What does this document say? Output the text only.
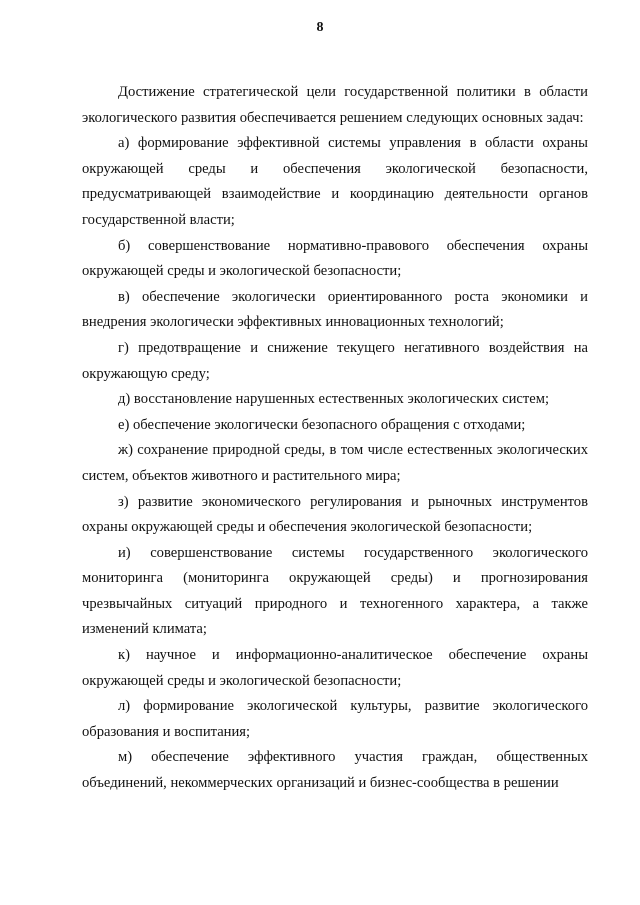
8

Достижение стратегической цели государственной политики в области экологического развития обеспечивается решением следующих основных задач:

а) формирование эффективной системы управления в области охраны окружающей среды и обеспечения экологической безопасности, предусматривающей взаимодействие и координацию деятельности органов государственной власти;

б) совершенствование нормативно-правового обеспечения охраны окружающей среды и экологической безопасности;

в) обеспечение экологически ориентированного роста экономики и внедрения экологически эффективных инновационных технологий;

г) предотвращение и снижение текущего негативного воздействия на окружающую среду;

д) восстановление нарушенных естественных экологических систем;

е) обеспечение экологически безопасного обращения с отходами;

ж) сохранение природной среды, в том числе естественных экологических систем, объектов животного и растительного мира;

з) развитие экономического регулирования и рыночных инструментов охраны окружающей среды и обеспечения экологической безопасности;

и) совершенствование системы государственного экологического мониторинга (мониторинга окружающей среды) и прогнозирования чрезвычайных ситуаций природного и техногенного характера, а также изменений климата;

к) научное и информационно-аналитическое обеспечение охраны окружающей среды и экологической безопасности;

л) формирование экологической культуры, развитие экологического образования и воспитания;

м) обеспечение эффективного участия граждан, общественных объединений, некоммерческих организаций и бизнес-сообщества в решении
